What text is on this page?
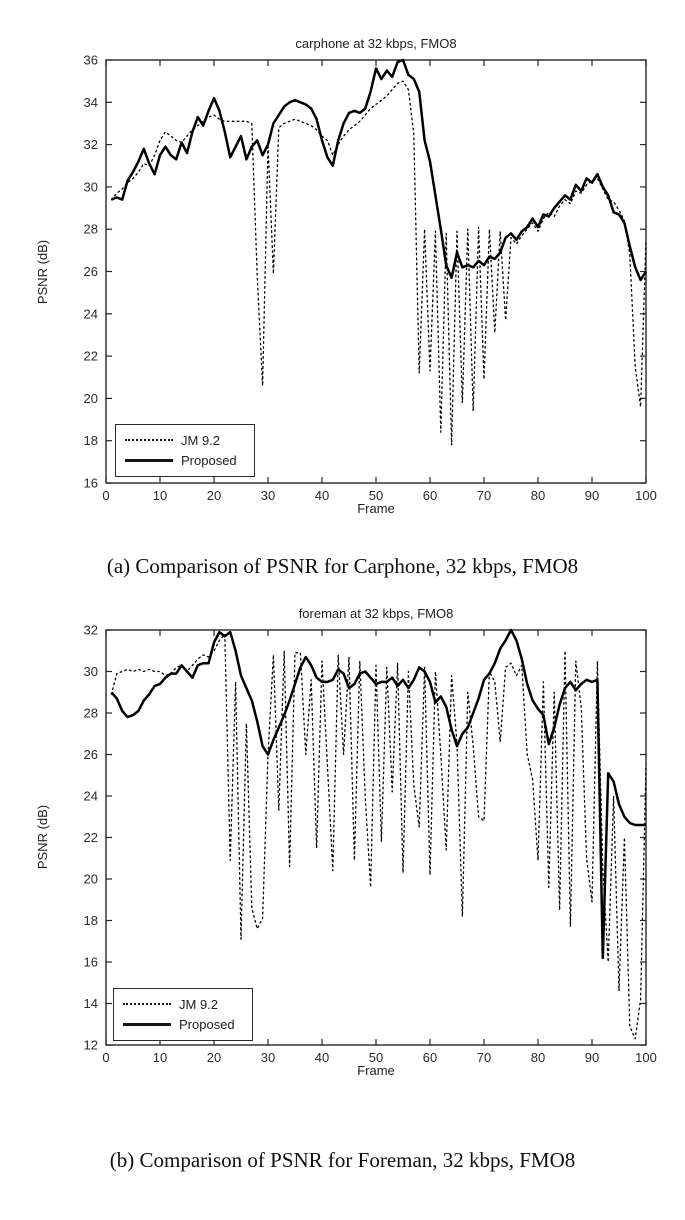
carphone at 32 kbps, FMO8
0	10	20	30	40	50	60	70	80	90	100
16
18
20
22
24
26
28
30
32
34
36
PSNR (dB)
Frame
JM 9.2
Proposed
(a) Comparison of PSNR for Carphone, 32 kbps, FMO8
foreman at 32 kbps, FMO8
0	10	20	30	40	50	60	70	80	90	100
12
14
16
18
20
22
24
26
28
30
32
PSNR (dB)
Frame
JM 9.2
Proposed
(b) Comparison of PSNR for Foreman, 32 kbps, FMO8
